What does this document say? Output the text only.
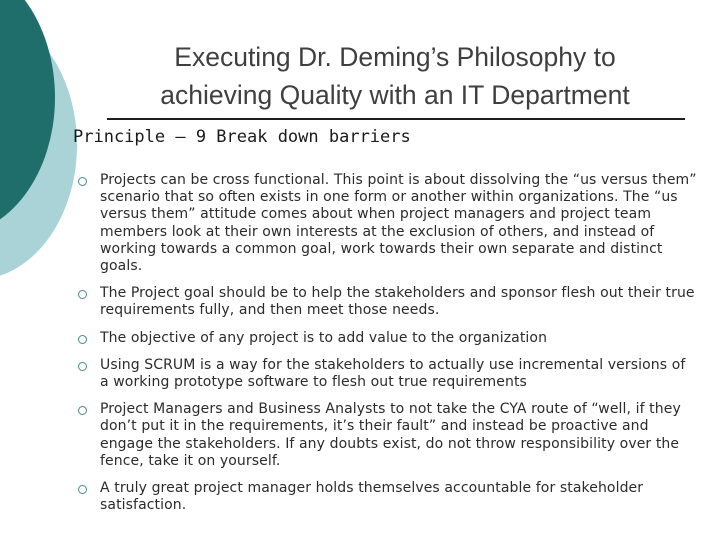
Executing Dr. Deming’s Philosophy to
achieving Quality with an IT Department
Principle – 9 Break down barriers
Projects can be cross functional. This point is about dissolving the “us versus them” scenario that so often exists in one form or another within organizations. The “us versus them” attitude comes about when project managers and project team members look at their own interests at the exclusion of others, and instead of working towards a common goal, work towards their own separate and distinct goals.
The Project goal should be to help the stakeholders and sponsor flesh out their true requirements fully, and then meet those needs.
The objective of any project is to add value to the organization
Using SCRUM is a way for the stakeholders to actually use incremental versions of a working prototype software to flesh out true requirements
Project Managers and Business Analysts to not take the CYA route of “well, if they don’t put it in the requirements, it’s their fault” and instead be proactive and engage the stakeholders. If any doubts exist, do not throw responsibility over the fence, take it on yourself.
A truly great project manager holds themselves accountable for stakeholder satisfaction.
